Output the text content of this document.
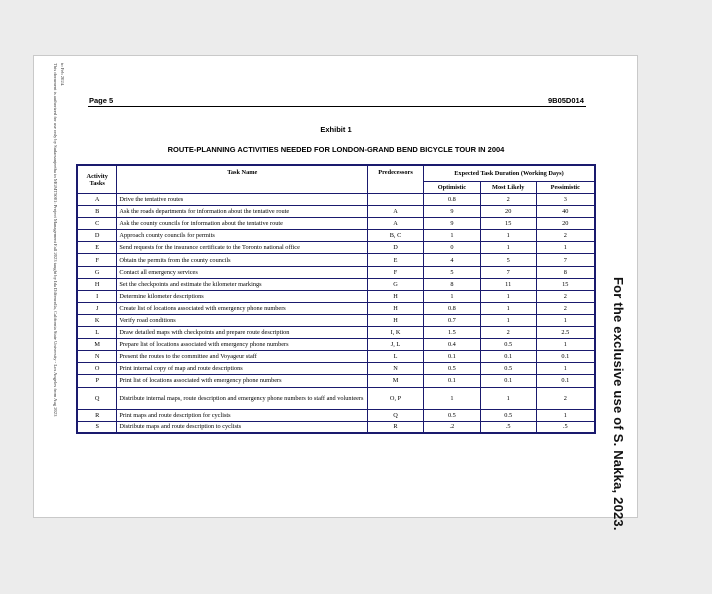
This document is authorized for use only by Sudarsanjeetha in MGMT5001: Project Management Fall 2023 taught by Ida Dilfencolla, California State University - Los Angeles from Aug 2023 to Feb 2024.
For the exclusive use of S. Nakka, 2023.
Page 5	9B05D014
Exhibit 1
ROUTE-PLANNING ACTIVITIES NEEDED FOR LONDON-GRAND BEND BICYCLE TOUR IN 2004
Activity Tasks	Task Name	Predecessors	Expected Task Duration (Working Days)		
			Optimistic	Most Likely	Pessimistic
A	Drive the tentative routes		0.8	2	3
B	Ask the roads departments for information about the tentative route	A	9	20	40
C	Ask the county councils for information about the tentative route	A	9	15	20
D	Approach county councils for permits	B, C	1	1	2
E	Send requests for the insurance certificate to the Toronto national office	D	0	1	1
F	Obtain the permits from the county councils	E	4	5	7
G	Contact all emergency services	F	5	7	8
H	Set the checkpoints and estimate the kilometer markings	G	8	11	15
I	Determine kilometer descriptions	H	1	1	2
J	Create list of locations associated with emergency phone numbers	H	0.8	1	2
K	Verify road conditions	H	0.7	1	1
L	Draw detailed maps with checkpoints and prepare route description	I, K	1.5	2	2.5
M	Prepare list of locations associated with emergency phone numbers	J, L	0.4	0.5	1
N	Present the routes to the committee and Voyageur staff	L	0.1	0.1	0.1
O	Print internal copy of map and route descriptions	N	0.5	0.5	1
P	Print list of locations associated with emergency phone numbers	M	0.1	0.1	0.1
Q	Distribute internal maps, route description and emergency phone numbers to staff and volunteers	O, P	1	1	2
R	Print maps and route description for cyclists	Q	0.5	0.5	1
S	Distribute maps and route description to cyclists	R	.2	.5	.5
